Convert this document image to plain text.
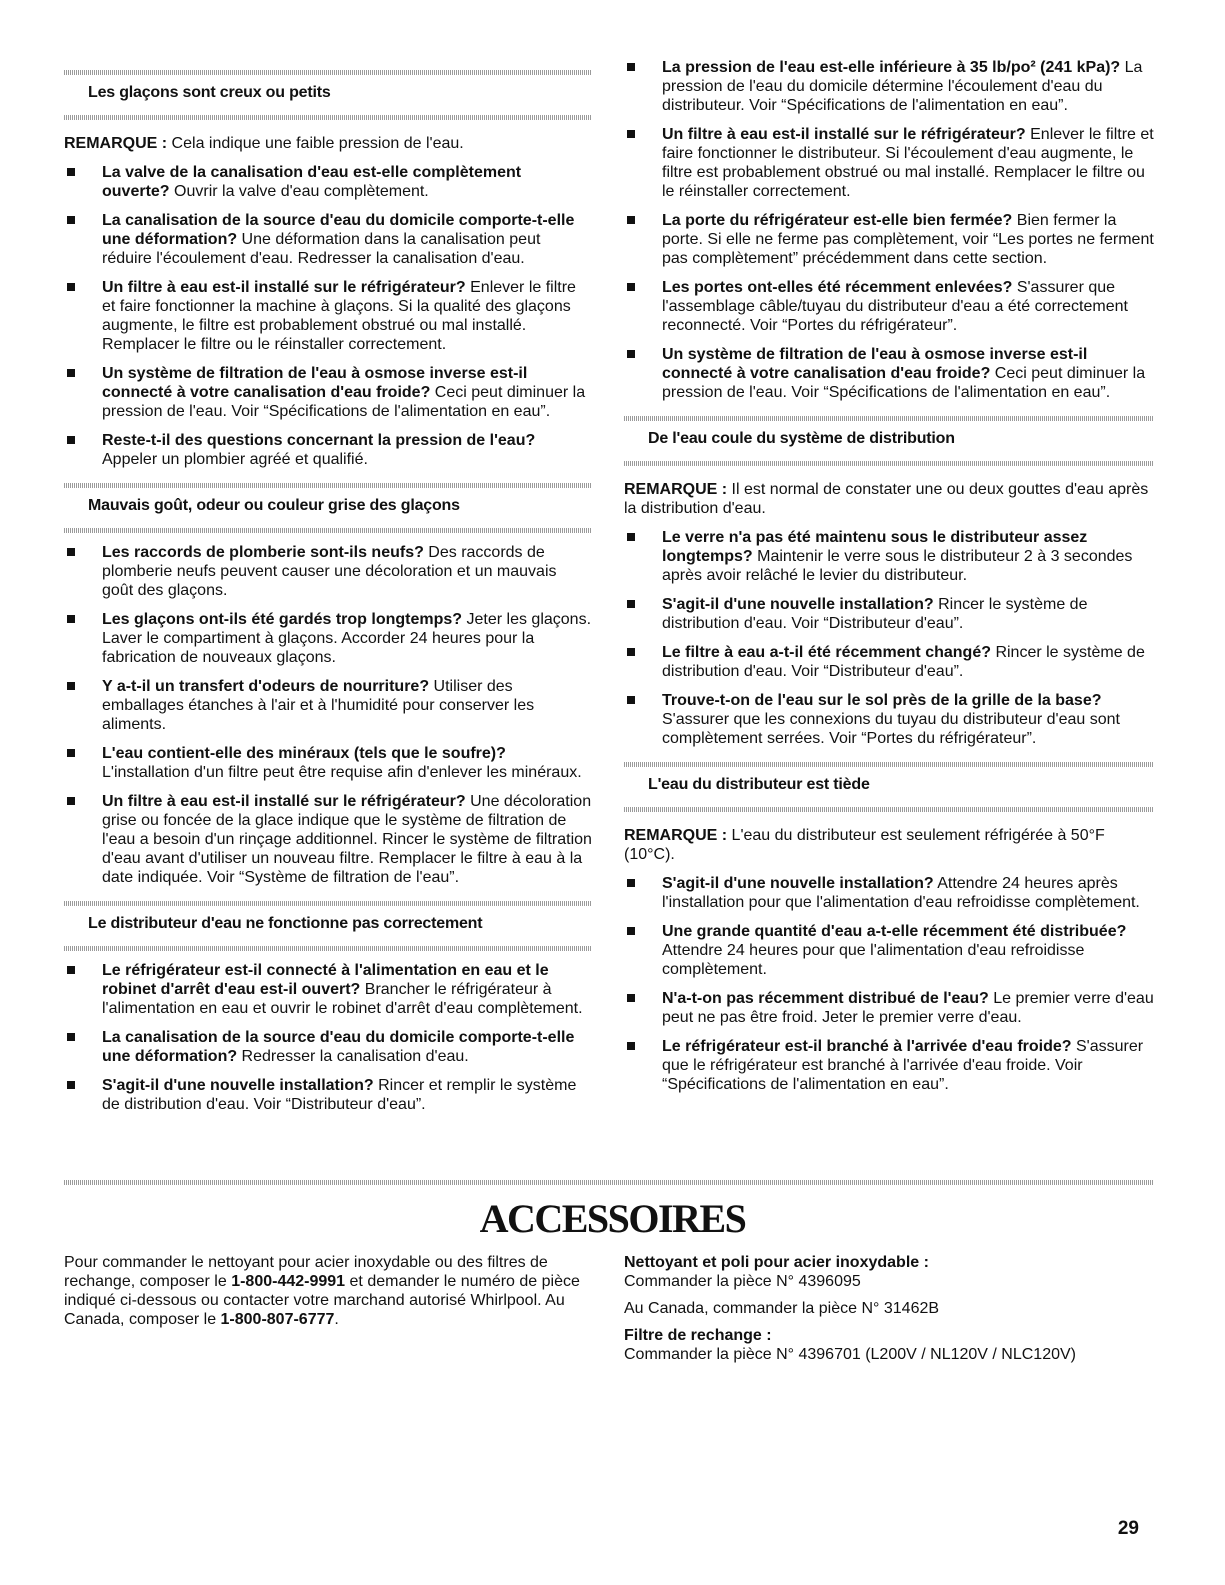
Les glaçons sont creux ou petits
REMARQUE : Cela indique une faible pression de l'eau.
La valve de la canalisation d'eau est-elle complètement ouverte? Ouvrir la valve d'eau complètement.
La canalisation de la source d'eau du domicile comporte-t-elle une déformation? Une déformation dans la canalisation peut réduire l'écoulement d'eau. Redresser la canalisation d'eau.
Un filtre à eau est-il installé sur le réfrigérateur? Enlever le filtre et faire fonctionner la machine à glaçons. Si la qualité des glaçons augmente, le filtre est probablement obstrué ou mal installé. Remplacer le filtre ou le réinstaller correctement.
Un système de filtration de l'eau à osmose inverse est-il connecté à votre canalisation d'eau froide? Ceci peut diminuer la pression de l'eau. Voir “Spécifications de l'alimentation en eau”.
Reste-t-il des questions concernant la pression de l'eau? Appeler un plombier agréé et qualifié.
Mauvais goût, odeur ou couleur grise des glaçons
Les raccords de plomberie sont-ils neufs? Des raccords de plomberie neufs peuvent causer une décoloration et un mauvais goût des glaçons.
Les glaçons ont-ils été gardés trop longtemps? Jeter les glaçons. Laver le compartiment à glaçons. Accorder 24 heures pour la fabrication de nouveaux glaçons.
Y a-t-il un transfert d'odeurs de nourriture? Utiliser des emballages étanches à l'air et à l'humidité pour conserver les aliments.
L'eau contient-elle des minéraux (tels que le soufre)? L'installation d'un filtre peut être requise afin d'enlever les minéraux.
Un filtre à eau est-il installé sur le réfrigérateur? Une décoloration grise ou foncée de la glace indique que le système de filtration de l'eau a besoin d'un rinçage additionnel. Rincer le système de filtration d'eau avant d'utiliser un nouveau filtre. Remplacer le filtre à eau à la date indiquée. Voir “Système de filtration de l'eau”.
Le distributeur d'eau ne fonctionne pas correctement
Le réfrigérateur est-il connecté à l'alimentation en eau et le robinet d'arrêt d'eau est-il ouvert? Brancher le réfrigérateur à l'alimentation en eau et ouvrir le robinet d'arrêt d'eau complètement.
La canalisation de la source d'eau du domicile comporte-t-elle une déformation? Redresser la canalisation d'eau.
S'agit-il d'une nouvelle installation? Rincer et remplir le système de distribution d'eau. Voir “Distributeur d'eau”.
La pression de l'eau est-elle inférieure à 35 lb/po² (241 kPa)? La pression de l'eau du domicile détermine l'écoulement d'eau du distributeur. Voir “Spécifications de l'alimentation en eau”.
Un filtre à eau est-il installé sur le réfrigérateur? Enlever le filtre et faire fonctionner le distributeur. Si l'écoulement d'eau augmente, le filtre est probablement obstrué ou mal installé. Remplacer le filtre ou le réinstaller correctement.
La porte du réfrigérateur est-elle bien fermée? Bien fermer la porte. Si elle ne ferme pas complètement, voir “Les portes ne ferment pas complètement” précédemment dans cette section.
Les portes ont-elles été récemment enlevées? S'assurer que l'assemblage câble/tuyau du distributeur d'eau a été correctement reconnecté. Voir “Portes du réfrigérateur”.
Un système de filtration de l'eau à osmose inverse est-il connecté à votre canalisation d'eau froide? Ceci peut diminuer la pression de l'eau. Voir “Spécifications de l'alimentation en eau”.
De l'eau coule du système de distribution
REMARQUE : Il est normal de constater une ou deux gouttes d'eau après la distribution d'eau.
Le verre n'a pas été maintenu sous le distributeur assez longtemps? Maintenir le verre sous le distributeur 2 à 3 secondes après avoir relâché le levier du distributeur.
S'agit-il d'une nouvelle installation? Rincer le système de distribution d'eau. Voir “Distributeur d'eau”.
Le filtre à eau a-t-il été récemment changé? Rincer le système de distribution d'eau. Voir “Distributeur d'eau”.
Trouve-t-on de l'eau sur le sol près de la grille de la base? S'assurer que les connexions du tuyau du distributeur d'eau sont complètement serrées. Voir “Portes du réfrigérateur”.
L'eau du distributeur est tiède
REMARQUE : L'eau du distributeur est seulement réfrigérée à 50°F (10°C).
S'agit-il d'une nouvelle installation? Attendre 24 heures après l'installation pour que l'alimentation d'eau refroidisse complètement.
Une grande quantité d'eau a-t-elle récemment été distribuée? Attendre 24 heures pour que l'alimentation d'eau refroidisse complètement.
N'a-t-on pas récemment distribué de l'eau? Le premier verre d'eau peut ne pas être froid. Jeter le premier verre d'eau.
Le réfrigérateur est-il branché à l'arrivée d'eau froide? S'assurer que le réfrigérateur est branché à l'arrivée d'eau froide. Voir “Spécifications de l'alimentation en eau”.
ACCESSOIRES
Pour commander le nettoyant pour acier inoxydable ou des filtres de rechange, composer le 1-800-442-9991 et demander le numéro de pièce indiqué ci-dessous ou contacter votre marchand autorisé Whirlpool. Au Canada, composer le 1-800-807-6777.
Nettoyant et poli pour acier inoxydable :
Commander la pièce N° 4396095
Au Canada, commander la pièce N° 31462B
Filtre de rechange :
Commander la pièce N° 4396701 (L200V / NL120V / NLC120V)
29
